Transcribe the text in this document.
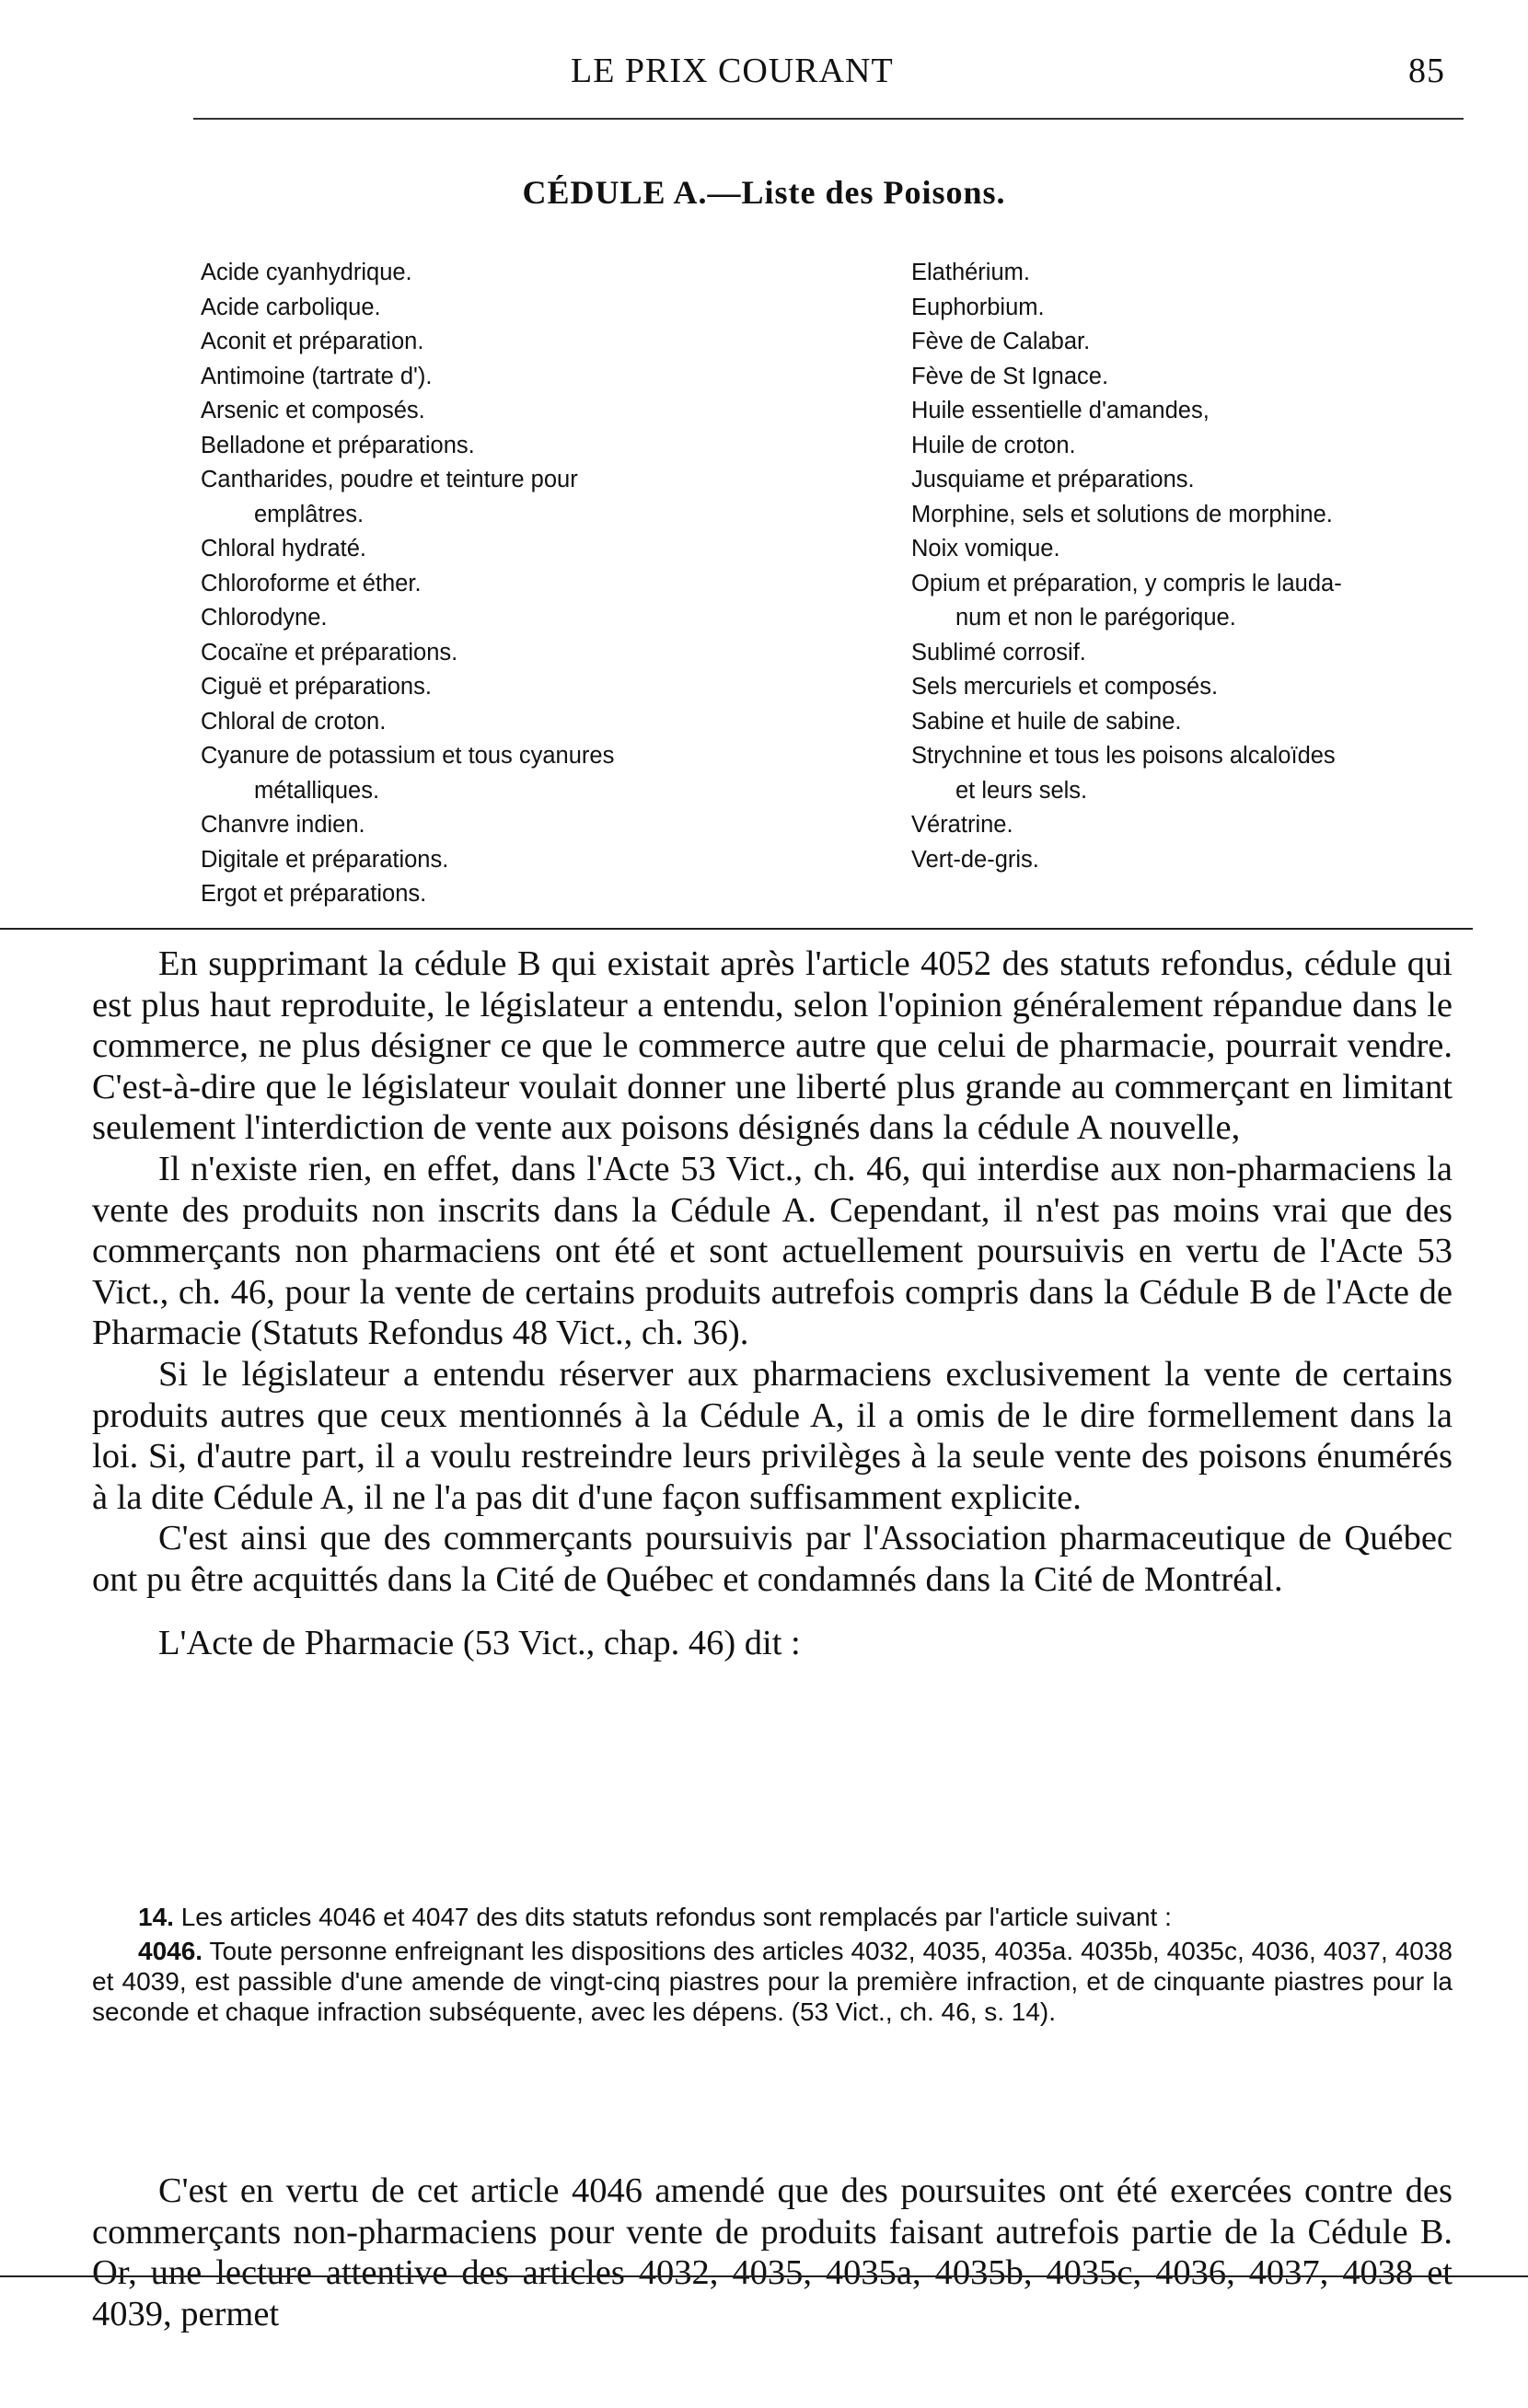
LE PRIX COURANT	85
CÉDULE A.—Liste des Poisons.
Acide cyanhydrique.
Acide carbolique.
Aconit et préparation.
Antimoine (tartrate d').
Arsenic et composés.
Belladone et préparations.
Cantharides, poudre et teinture pour
emplâtres.
Chloral hydraté.
Chloroforme et éther.
Chlorodyne.
Cocaïne et préparations.
Ciguë et préparations.
Chloral de croton.
Cyanure de potassium et tous cyanures
métalliques.
Chanvre indien.
Digitale et préparations.
Ergot et préparations.
Elathérium.
Euphorbium.
Fève de Calabar.
Fève de St Ignace.
Huile essentielle d'amandes,
Huile de croton.
Jusquiame et préparations.
Morphine, sels et solutions de morphine.
Noix vomique.
Opium et préparation, y compris le lauda-
num et non le parégorique.
Sublimé corrosif.
Sels mercuriels et composés.
Sabine et huile de sabine.
Strychnine et tous les poisons alcaloïdes
et leurs sels.
Vératrine.
Vert-de-gris.

En supprimant la cédule B qui existait après l'article 4052 des statuts refondus, cédule qui est plus haut reproduite, le législateur a entendu, selon l'opinion généralement répandue dans le commerce, ne plus désigner ce que le commerce autre que celui de pharmacie, pourrait vendre. C'est-à-dire que le législateur voulait donner une liberté plus grande au commerçant en limitant seulement l'interdiction de vente aux poisons désignés dans la cédule A nouvelle,

Il n'existe rien, en effet, dans l'Acte 53 Vict., ch. 46, qui interdise aux non-pharmaciens la vente des produits non inscrits dans la Cédule A. Cependant, il n'est pas moins vrai que des commerçants non pharmaciens ont été et sont actuellement poursuivis en vertu de l'Acte 53 Vict., ch. 46, pour la vente de certains produits autrefois compris dans la Cédule B de l'Acte de Pharmacie (Statuts Refondus 48 Vict., ch. 36).

Si le législateur a entendu réserver aux pharmaciens exclusivement la vente de certains produits autres que ceux mentionnés à la Cédule A, il a omis de le dire formellement dans la loi. Si, d'autre part, il a voulu restreindre leurs privilèges à la seule vente des poisons énumérés à la dite Cédule A, il ne l'a pas dit d'une façon suffisamment explicite.

C'est ainsi que des commerçants poursuivis par l'Association pharmaceutique de Québec ont pu être acquittés dans la Cité de Québec et condamnés dans la Cité de Montréal.

L'Acte de Pharmacie (53 Vict., chap. 46) dit :

14. Les articles 4046 et 4047 des dits statuts refondus sont remplacés par l'article suivant :

4046. Toute personne enfreignant les dispositions des articles 4032, 4035, 4035a. 4035b, 4035c, 4036, 4037, 4038 et 4039, est passible d'une amende de vingt-cinq piastres pour la première infraction, et de cinquante piastres pour la seconde et chaque infraction subséquente, avec les dépens. (53 Vict., ch. 46, s. 14).

C'est en vertu de cet article 4046 amendé que des poursuites ont été exercées contre des commerçants non-pharmaciens pour vente de produits faisant autrefois partie de la Cédule B. Or, une lecture attentive des articles 4032, 4035, 4035a, 4035b, 4035c, 4036, 4037, 4038 et 4039, permet
